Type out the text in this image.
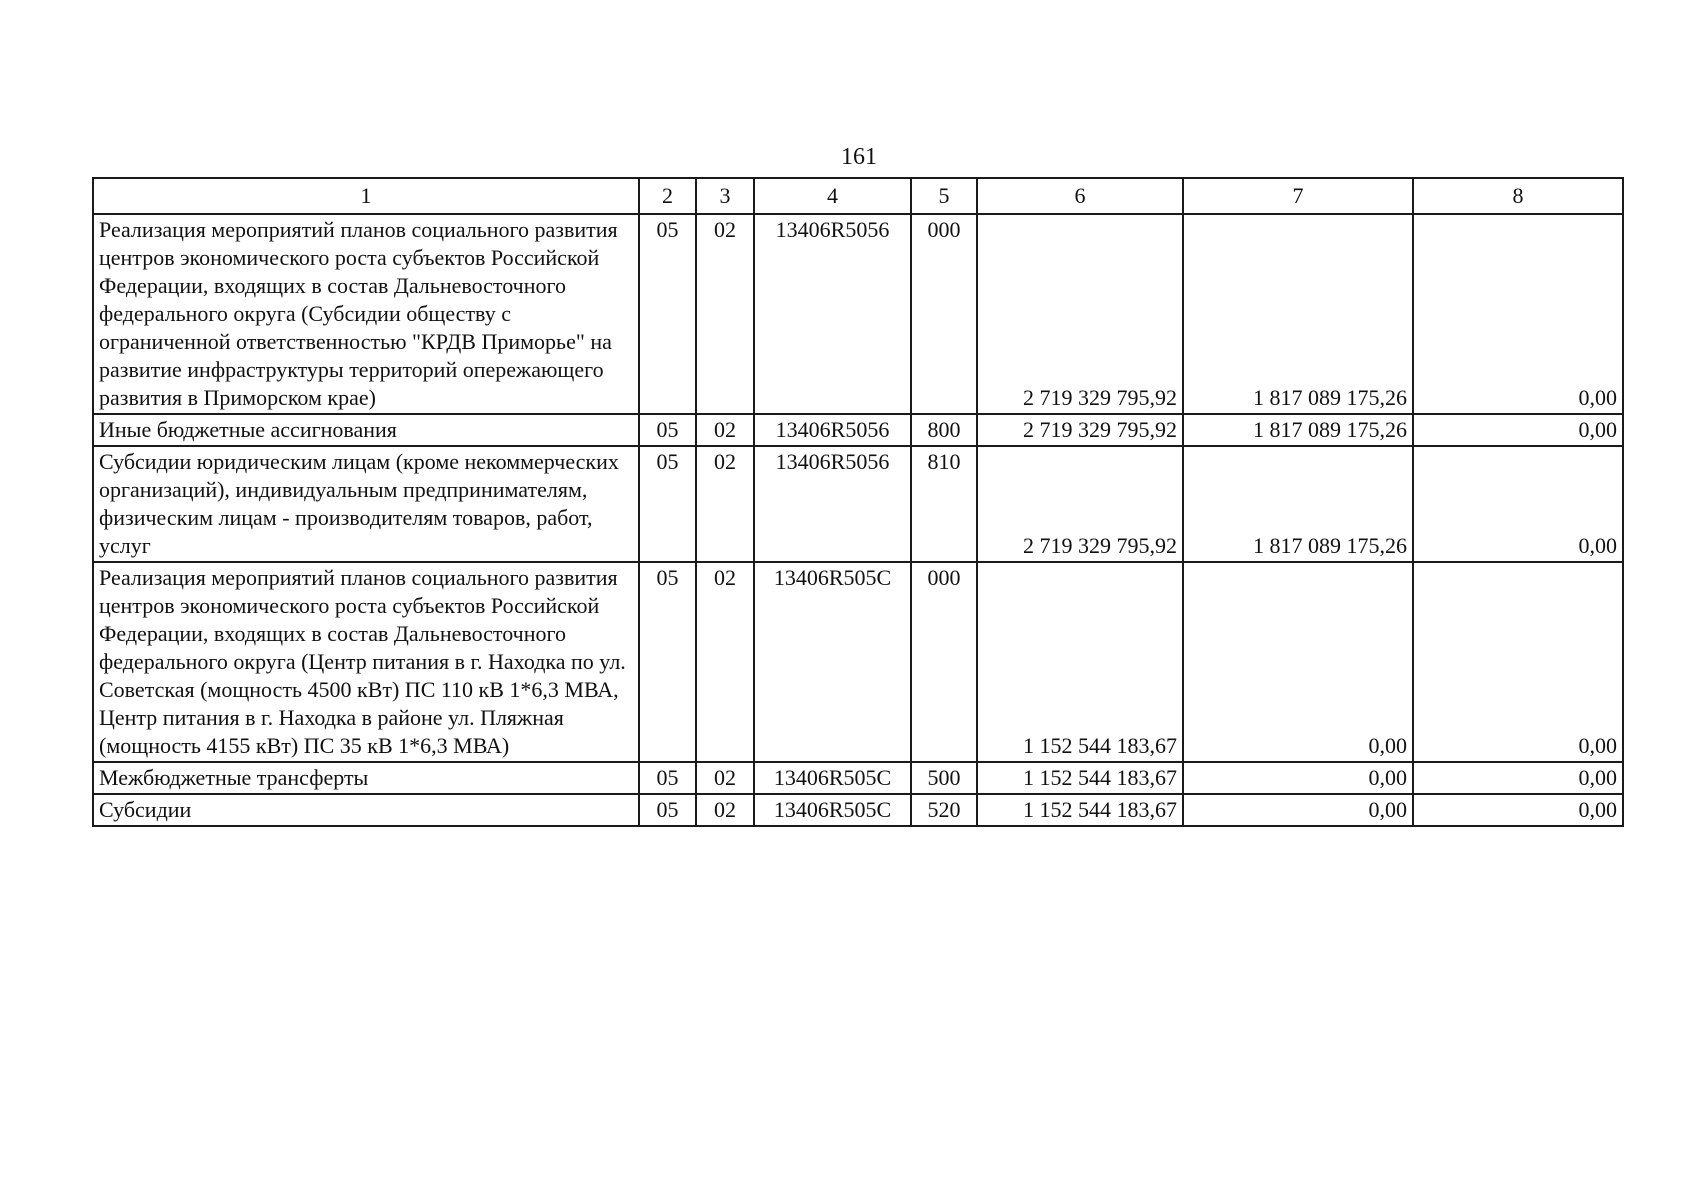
161
1	2	3	4	5	6	7	8
Реализация мероприятий планов социального развития центров экономического роста субъектов Российской Федерации, входящих в состав Дальневосточного федерального округа (Субсидии обществу с ограниченной ответственностью "КРДВ Приморье" на развитие инфраструктуры территорий опережающего развития в Приморском крае)	05	02	13406R5056	000	2 719 329 795,92	1 817 089 175,26	0,00
Иные бюджетные ассигнования	05	02	13406R5056	800	2 719 329 795,92	1 817 089 175,26	0,00
Субсидии юридическим лицам (кроме некоммерческих организаций), индивидуальным предпринимателям, физическим лицам - производителям товаров, работ, услуг	05	02	13406R5056	810	2 719 329 795,92	1 817 089 175,26	0,00
Реализация мероприятий планов социального развития центров экономического роста субъектов Российской Федерации, входящих в состав Дальневосточного федерального округа (Центр питания в г. Находка по ул. Советская (мощность 4500 кВт) ПС 110 кВ 1*6,3 МВА, Центр питания в г. Находка в районе ул. Пляжная (мощность 4155 кВт) ПС 35 кВ 1*6,3 МВА)	05	02	13406R505C	000	1 152 544 183,67	0,00	0,00
Межбюджетные трансферты	05	02	13406R505C	500	1 152 544 183,67	0,00	0,00
Субсидии	05	02	13406R505C	520	1 152 544 183,67	0,00	0,00
